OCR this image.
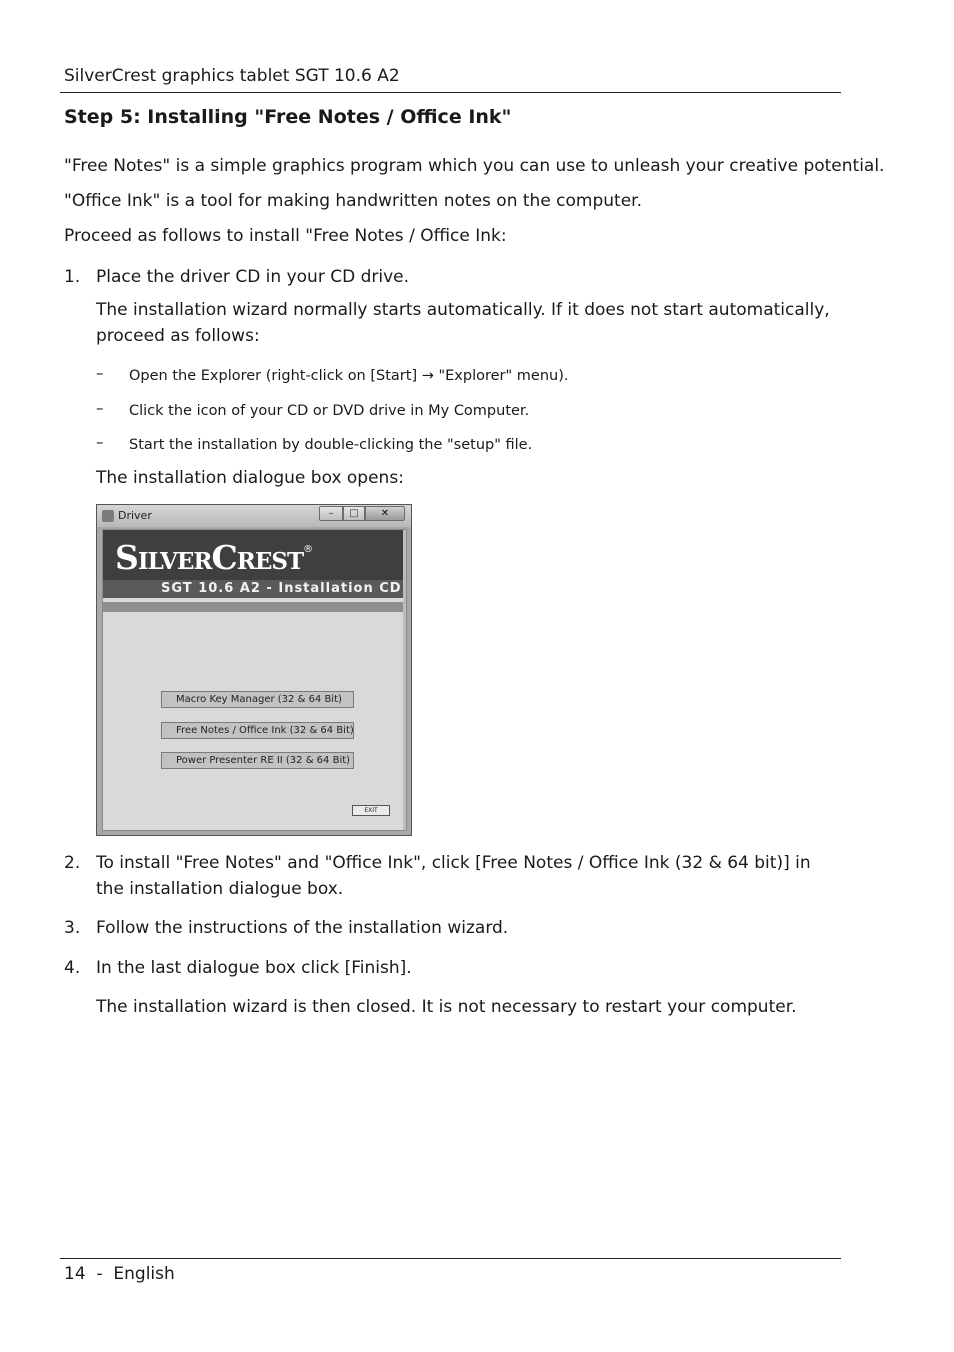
SilverCrest graphics tablet SGT 10.6 A2
Step 5: Installing "Free Notes / Office Ink"
"Free Notes" is a simple graphics program which you can use to unleash your creative potential.
"Office Ink" is a tool for making handwritten notes on the computer.
Proceed as follows to install "Free Notes / Office Ink:
1. Place the driver CD in your CD drive.
The installation wizard normally starts automatically. If it does not start automatically, proceed as follows:
– Open the Explorer (right-click on [Start] → "Explorer" menu).
– Click the icon of your CD or DVD drive in My Computer.
– Start the installation by double-clicking the "setup" file.
The installation dialogue box opens:
Driver	–	□	✕
SilverCrest®
SGT 10.6 A2 - Installation CD
Macro Key Manager (32 & 64 Bit)
Free Notes / Office Ink (32 & 64 Bit)
Power Presenter RE II (32 & 64 Bit)
EXIT
2. To install "Free Notes" and "Office Ink", click [Free Notes / Office Ink (32 & 64 bit)] in the installation dialogue box.
3. Follow the instructions of the installation wizard.
4. In the last dialogue box click [Finish].
The installation wizard is then closed. It is not necessary to restart your computer.
14  -  English
